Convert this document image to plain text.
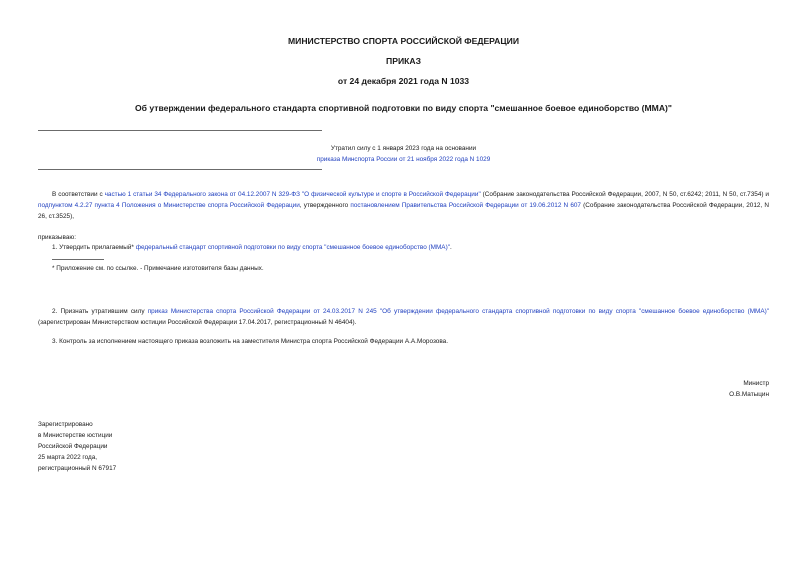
МИНИСТЕРСТВО СПОРТА РОССИЙСКОЙ ФЕДЕРАЦИИ
ПРИКАЗ
от 24 декабря 2021 года N 1033
Об утверждении федерального стандарта спортивной подготовки по виду спорта "смешанное боевое единоборство (ММА)"
Утратил силу с 1 января 2023 года на основании
приказа Минспорта России от 21 ноября 2022 года N 1029

В соответствии с частью 1 статьи 34 Федерального закона от 04.12.2007 N 329-ФЗ "О физической культуре и спорте в Российской Федерации" (Собрание законодательства Российской Федерации, 2007, N 50, ст.6242; 2011, N 50, ст.7354) и подпунктом 4.2.27 пункта 4 Положения о Министерстве спорта Российской Федерации, утвержденного постановлением Правительства Российской Федерации от 19.06.2012 N 607 (Собрание законодательства Российской Федерации, 2012, N 26, ст.3525),

приказываю:

1. Утвердить прилагаемый* федеральный стандарт спортивной подготовки по виду спорта "смешанное боевое единоборство (ММА)".

* Приложение см. по ссылке. - Примечание изготовителя базы данных.

2. Признать утратившим силу приказ Министерства спорта Российской Федерации от 24.03.2017 N 245 "Об утверждении федерального стандарта спортивной подготовки по виду спорта "смешанное боевое единоборство (ММА)" (зарегистрирован Министерством юстиции Российской Федерации 17.04.2017, регистрационный N 46404).

3. Контроль за исполнением настоящего приказа возложить на заместителя Министра спорта Российской Федерации А.А.Морозова.

Министр
О.В.Матыцин
Зарегистрировано
в Министерстве юстиции
Российской Федерации
25 марта 2022 года,
регистрационный N 67917
